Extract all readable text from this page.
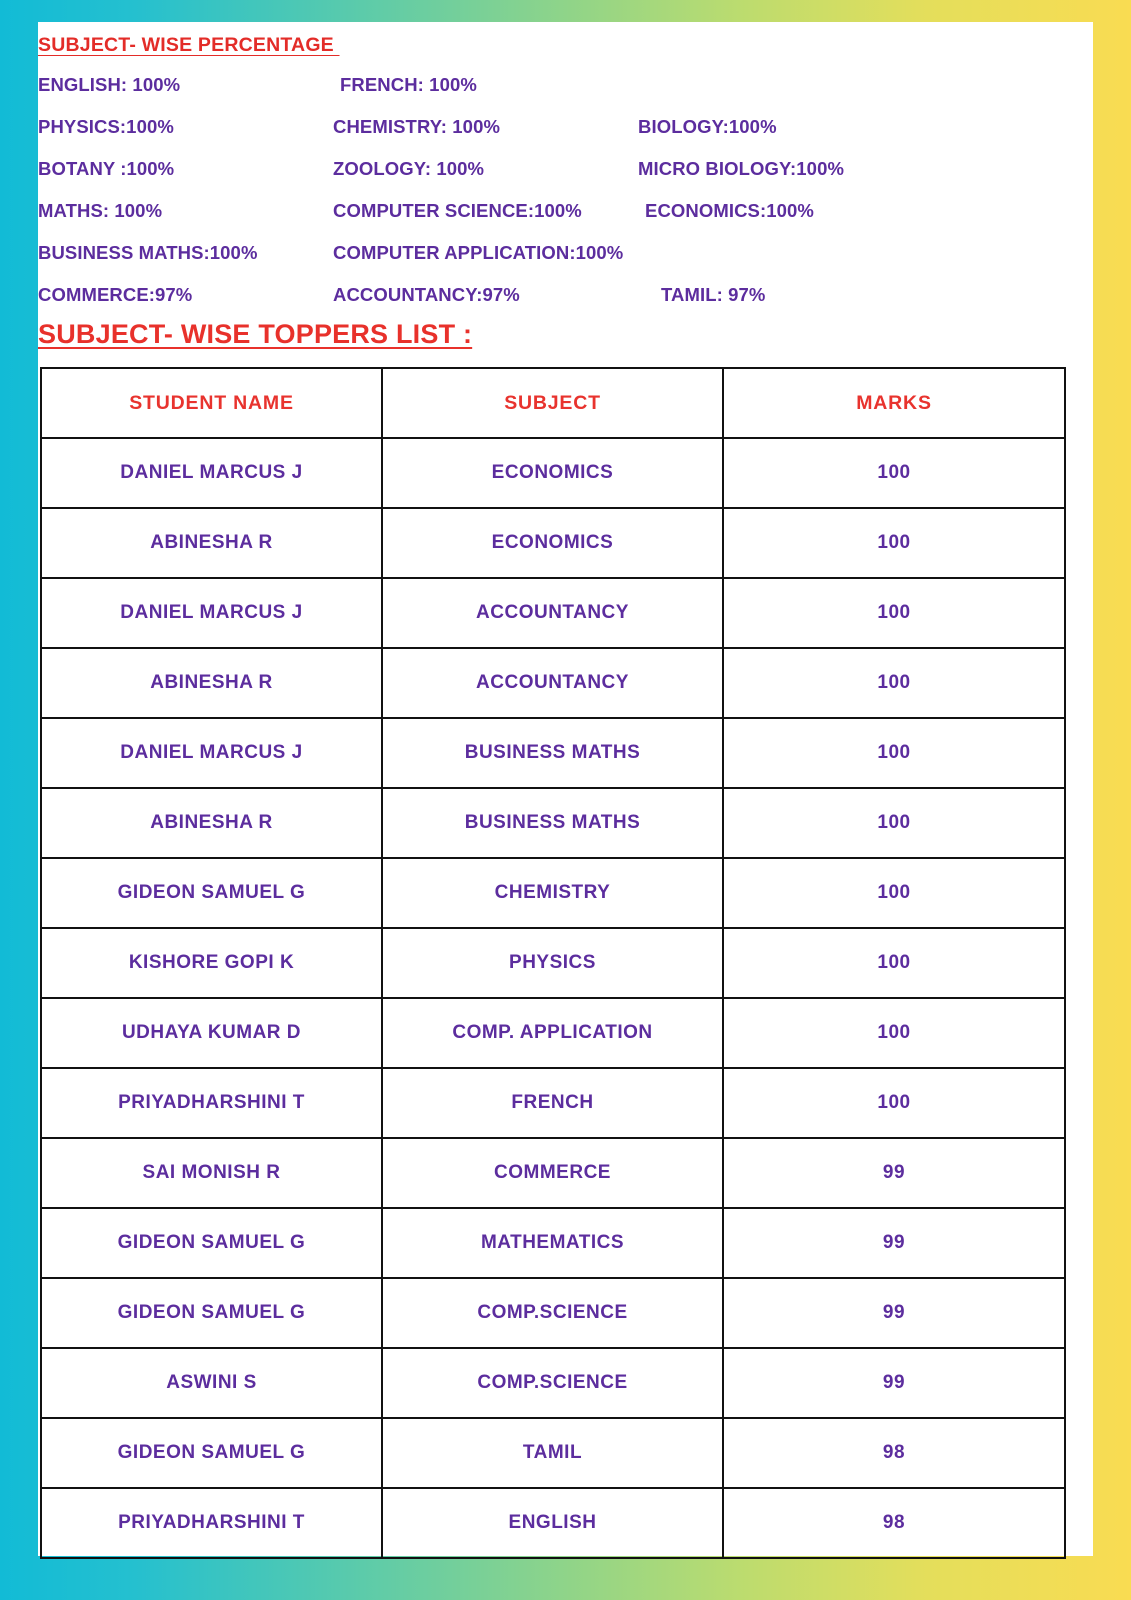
SUBJECT- WISE PERCENTAGE
ENGLISH: 100%	FRENCH: 100%
PHYSICS:100%	CHEMISTRY: 100%	BIOLOGY:100%
BOTANY :100%	ZOOLOGY: 100%	MICRO BIOLOGY:100%
MATHS: 100%	COMPUTER SCIENCE:100%	ECONOMICS:100%
BUSINESS MATHS:100%	COMPUTER APPLICATION:100%
COMMERCE:97%	ACCOUNTANCY:97%	TAMIL: 97%
SUBJECT- WISE TOPPERS LIST :
STUDENT NAME	SUBJECT	MARKS
DANIEL MARCUS J	ECONOMICS	100
ABINESHA R	ECONOMICS	100
DANIEL MARCUS J	ACCOUNTANCY	100
ABINESHA R	ACCOUNTANCY	100
DANIEL MARCUS J	BUSINESS MATHS	100
ABINESHA R	BUSINESS MATHS	100
GIDEON SAMUEL G	CHEMISTRY	100
KISHORE GOPI K	PHYSICS	100
UDHAYA KUMAR D	COMP. APPLICATION	100
PRIYADHARSHINI T	FRENCH	100
SAI MONISH R	COMMERCE	99
GIDEON SAMUEL G	MATHEMATICS	99
GIDEON SAMUEL G	COMP.SCIENCE	99
ASWINI S	COMP.SCIENCE	99
GIDEON SAMUEL G	TAMIL	98
PRIYADHARSHINI T	ENGLISH	98
